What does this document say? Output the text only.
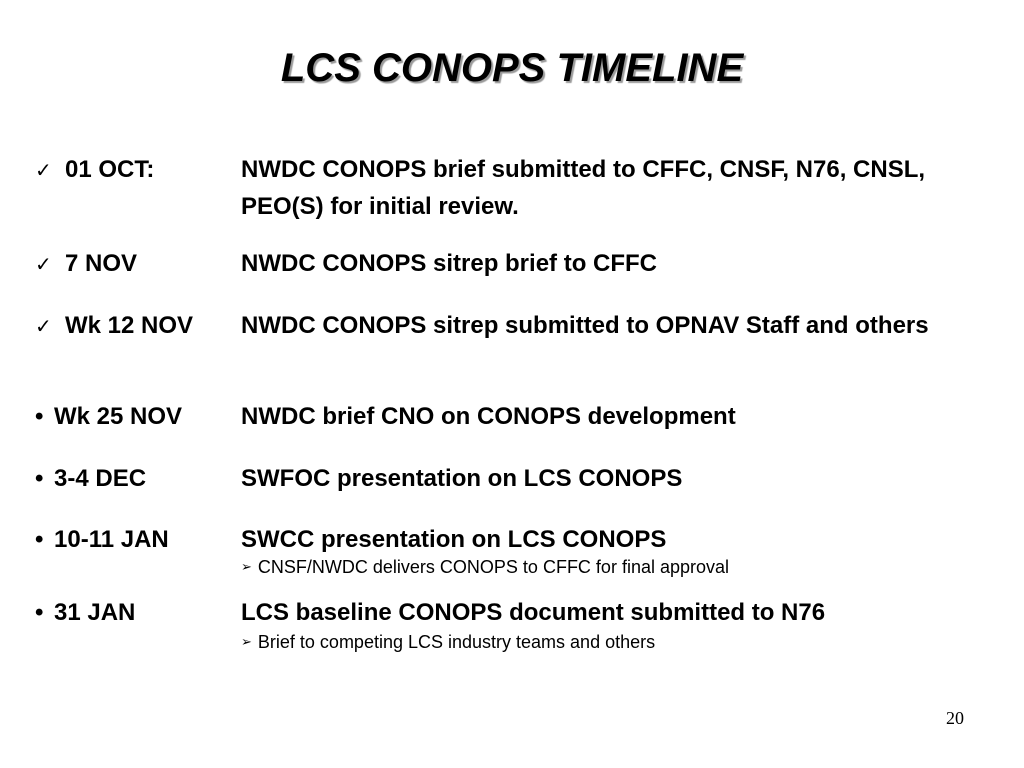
LCS CONOPS TIMELINE
✓ 01 OCT:	NWDC CONOPS brief submitted to CFFC, CNSF, N76, CNSL, PEO(S) for initial review.
✓ 7 NOV	NWDC CONOPS sitrep brief to CFFC
✓ Wk 12 NOV NWDC CONOPS sitrep submitted to OPNAV Staff and others
• Wk 25 NOV NWDC brief CNO on CONOPS development
• 3-4 DEC	SWFOC presentation on LCS CONOPS
• 10-11 JAN	SWCC presentation on LCS CONOPS
➢ CNSF/NWDC delivers CONOPS to CFFC for final approval
• 31 JAN	LCS baseline CONOPS document submitted to N76
➢ Brief to competing LCS industry teams and others
20
